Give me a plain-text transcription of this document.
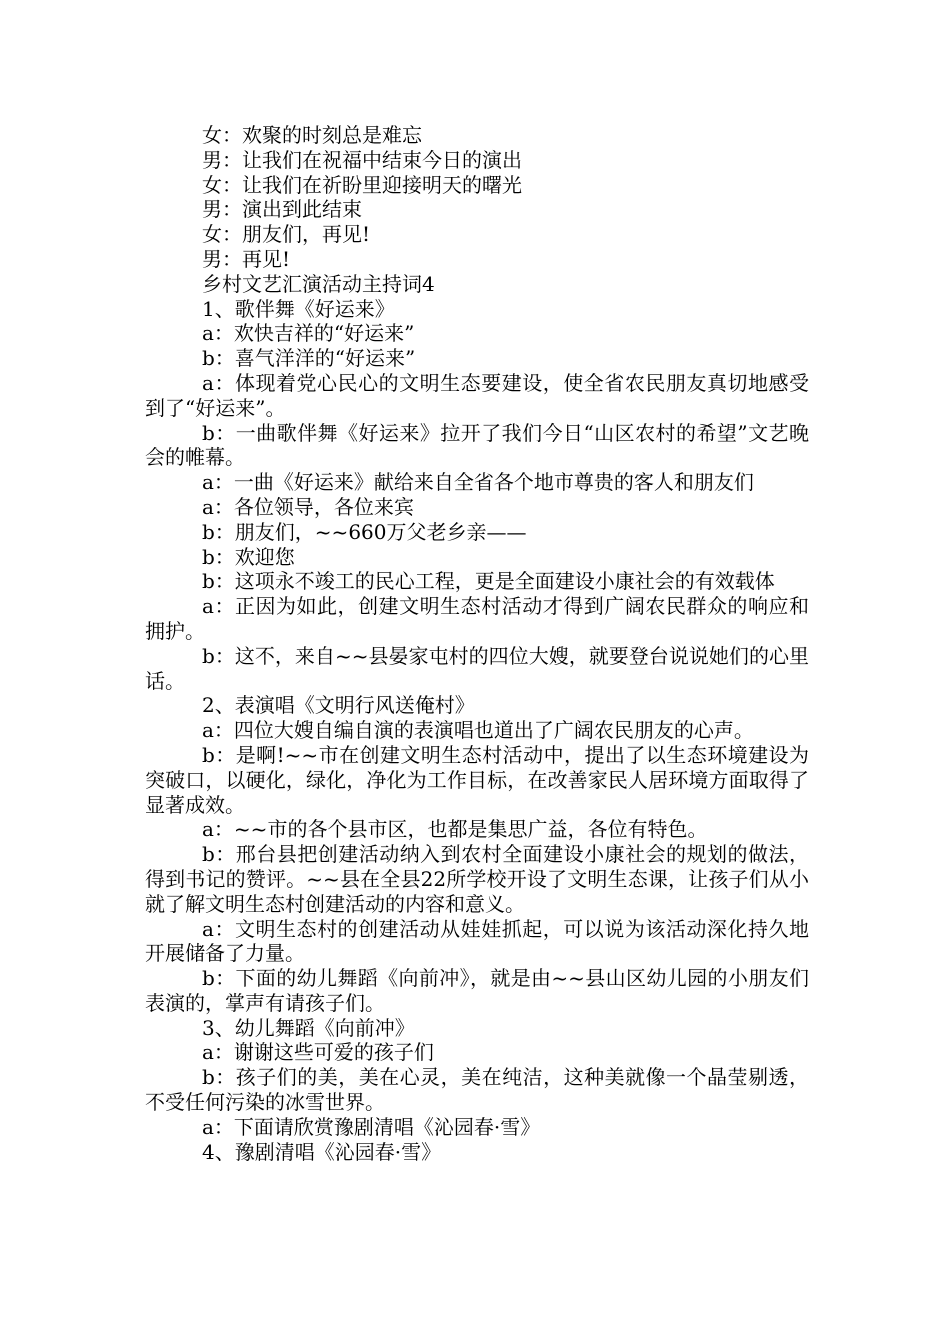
女：欢聚的时刻总是难忘

男：让我们在祝福中结束今日的演出

女：让我们在祈盼里迎接明天的曙光

男：演出到此结束

女：朋友们，再见!

男：再见!

乡村文艺汇演活动主持词4

1、歌伴舞《好运来》

a：欢快吉祥的“好运来”

b：喜气洋洋的“好运来”

a：体现着党心民心的文明生态要建设，使全省农民朋友真切地感受到了“好运来”。

b：一曲歌伴舞《好运来》拉开了我们今日“山区农村的希望”文艺晚会的帷幕。

a：一曲《好运来》献给来自全省各个地市尊贵的客人和朋友们

a：各位领导，各位来宾

b：朋友们，~~660万父老乡亲——

b：欢迎您

b：这项永不竣工的民心工程，更是全面建设小康社会的有效载体

a：正因为如此，创建文明生态村活动才得到广阔农民群众的响应和拥护。

b：这不，来自~~县晏家屯村的四位大嫂，就要登台说说她们的心里话。

2、表演唱《文明行风送俺村》

a：四位大嫂自编自演的表演唱也道出了广阔农民朋友的心声。

b：是啊!~~市在创建文明生态村活动中，提出了以生态环境建设为突破口，以硬化，绿化，净化为工作目标，在改善家民人居环境方面取得了显著成效。

a：~~市的各个县市区，也都是集思广益，各位有特色。

b：邢台县把创建活动纳入到农村全面建设小康社会的规划的做法，得到书记的赞评。~~县在全县22所学校开设了文明生态课，让孩子们从小就了解文明生态村创建活动的内容和意义。

a：文明生态村的创建活动从娃娃抓起，可以说为该活动深化持久地开展储备了力量。

b：下面的幼儿舞蹈《向前冲》，就是由~~县山区幼儿园的小朋友们表演的，掌声有请孩子们。

3、幼儿舞蹈《向前冲》

a：谢谢这些可爱的孩子们

b：孩子们的美，美在心灵，美在纯洁，这种美就像一个晶莹剔透，不受任何污染的冰雪世界。

a：下面请欣赏豫剧清唱《沁园春·雪》

4、豫剧清唱《沁园春·雪》
